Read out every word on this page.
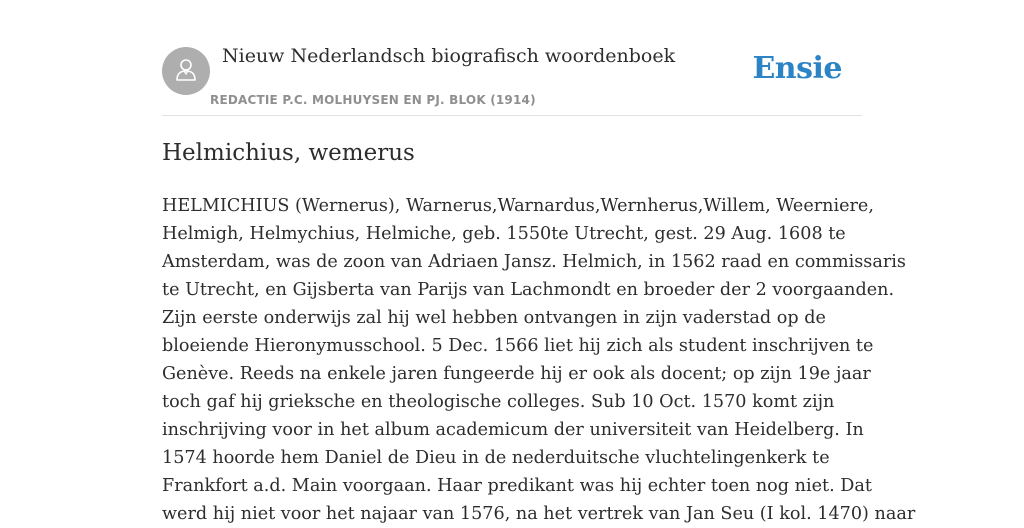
Nieuw Nederlandsch biografisch woordenboek
REDACTIE P.C. MOLHUYSEN EN PJ. BLOK (1914)
Ensie
Helmichius, wemerus
HELMICHIUS (Wernerus), Warnerus,Warnardus,Wernherus,Willem, Weerniere,
Helmigh, Helmychius, Helmiche, geb. 1550te Utrecht, gest. 29 Aug. 1608 te
Amsterdam, was de zoon van Adriaen Jansz. Helmich, in 1562 raad en commissaris
te Utrecht, en Gijsberta van Parijs van Lachmondt en broeder der 2 voorgaanden.
Zijn eerste onderwijs zal hij wel hebben ontvangen in zijn vaderstad op de
bloeiende Hieronymusschool. 5 Dec. 1566 liet hij zich als student inschrijven te
Genève. Reeds na enkele jaren fungeerde hij er ook als docent; op zijn 19e jaar
toch gaf hij grieksche en theologische colleges. Sub 10 Oct. 1570 komt zijn
inschrijving voor in het album academicum der universiteit van Heidelberg. In
1574 hoorde hem Daniel de Dieu in de nederduitsche vluchtelingenkerk te
Frankfort a.d. Main voorgaan. Haar predikant was hij echter toen nog niet. Dat
werd hij niet voor het najaar van 1576, na het vertrek van Jan Seu (I kol. 1470) naar
